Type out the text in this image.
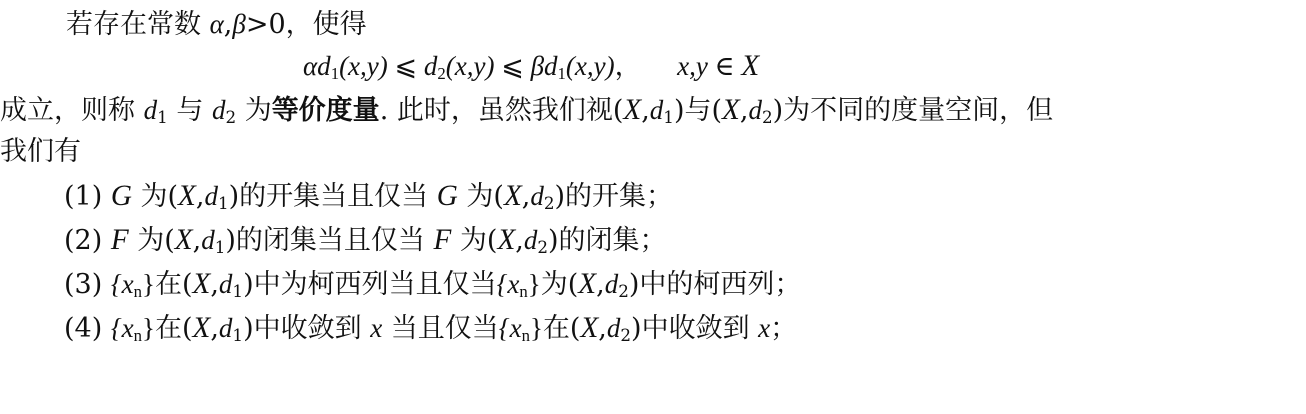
若存在常数 α,β>0，使得
$\alpha d_1(x,y)$ ⩽ $d_2(x,y)$ ⩽ $\beta d_1(x,y)$， x,y ∈ X
成立，则称 $d_1$ 与 $d_2$ 为等价度量. 此时，虽然我们视$(X,d_1)$与$(X,d_2)$为不同的度量空间，但
我们有
(1) G 为$(X,d_1)$的开集当且仅当 G 为$(X,d_2)$的开集；
(2) F 为$(X,d_1)$的闭集当且仅当 F 为$(X,d_2)$的闭集；
(3) $\{x_n\}$在$(X,d_1)$中为柯西列当且仅当$\{x_n\}$为$(X,d_2)$中的柯西列；
(4) $\{x_n\}$在$(X,d_1)$中收敛到 x 当且仅当$\{x_n\}$在$(X,d_2)$中收敛到 x；
